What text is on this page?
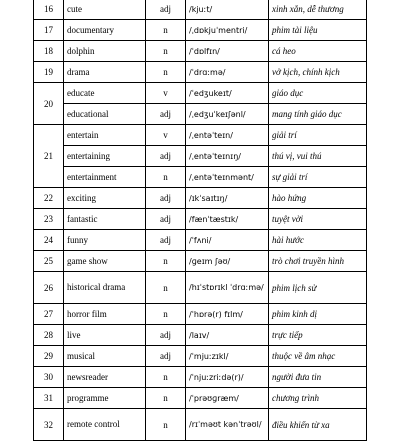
16	cute	adj	/kjuːt/	xinh xắn, dễ thương
17	documentary	n	/ˌdɒkjuˈmentri/	phim tài liệu
18	dolphin	n	/ˈdɒlfɪn/	cá heo
19	drama	n	/ˈdrɑːmə/	vở kịch, chính kịch
20	educate	v	/ˈedʒukeɪt/	giáo dục
	educational	adj	/ˌedʒuˈkeɪʃənl/	mang tính giáo dục
21	entertain	v	/ˌentəˈteɪn/	giải trí
	entertaining	adj	/ˌentəˈteɪnɪŋ/	thú vị, vui thú
	entertainment	n	/ˌentəˈteɪnmənt/	sự giải trí
22	exciting	adj	/ɪkˈsaɪtɪŋ/	hào hứng
23	fantastic	adj	/fænˈtæstɪk/	tuyệt vời
24	funny	adj	/ˈfʌni/	hài hước
25	game show	n	/ɡeɪm ʃəʊ/	trò chơi truyền hình
26	historical drama	n	/hɪˈstɒrɪkl ˈdrɑːmə/	phim lịch sử
27	horror film	n	/ˈhɒrə(r) fɪlm/	phim kinh dị
28	live	adj	/laɪv/	trực tiếp
29	musical	adj	/ˈmjuːzɪkl/	thuộc về âm nhạc
30	newsreader	n	/ˈnjuːzriːdə(r)/	người đưa tin
31	programme	n	/ˈprəʊɡræm/	chương trình
32	remote control	n	/rɪˈməʊt kənˈtrəʊl/	điều khiển từ xa
